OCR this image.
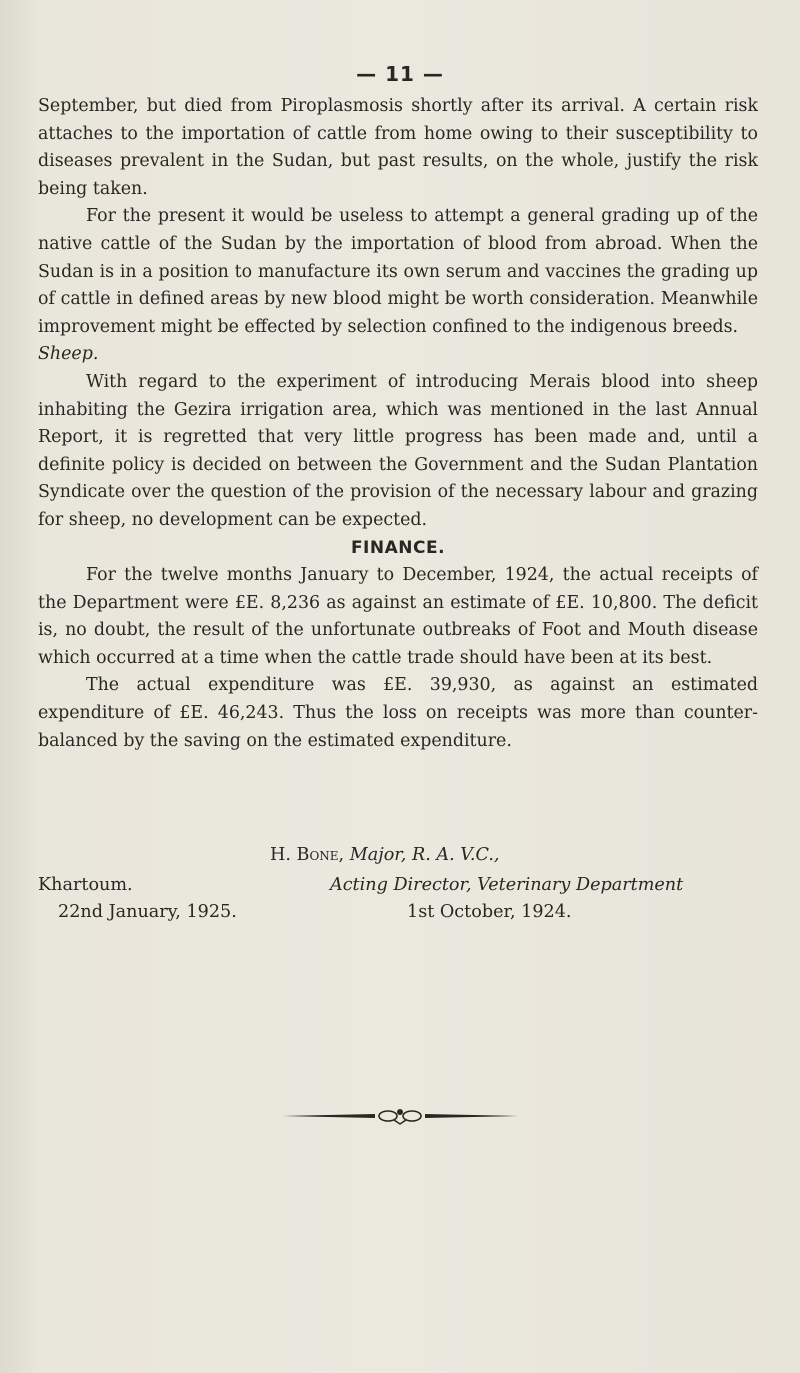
— 11 —

September, but died from Piroplasmosis shortly after its arrival. A certain risk attaches to the importation of cattle from home owing to their susceptibility to diseases prevalent in the Sudan, but past results, on the whole, justify the risk being taken.

For the present it would be useless to attempt a general grading up of the native cattle of the Sudan by the importation of blood from abroad. When the Sudan is in a position to manufacture its own serum and vaccines the grading up of cattle in defined areas by new blood might be worth consideration. Meanwhile improvement might be effected by selection confined to the indigenous breeds.

Sheep.

With regard to the experiment of introducing Merais blood into sheep inhabiting the Gezira irrigation area, which was mentioned in the last Annual Report, it is regretted that very little progress has been made and, until a definite policy is decided on between the Government and the Sudan Plantation Syndicate over the question of the provision of the necessary labour and grazing for sheep, no development can be expected.

FINANCE.

For the twelve months January to December, 1924, the actual receipts of the Department were £E. 8,236 as against an estimate of £E. 10,800. The deficit is, no doubt, the result of the unfortunate outbreaks of Foot and Mouth disease which occurred at a time when the cattle trade should have been at its best.

The actual expenditure was £E. 39,930, as against an estimated expenditure of £E. 46,243. Thus the loss on receipts was more than counter-balanced by the saving on the estimated expenditure.

H. Bone, Major, R. A. V.C.,
Khartoum.	Acting Director, Veterinary Department
22nd January, 1925.	1st October, 1924.
